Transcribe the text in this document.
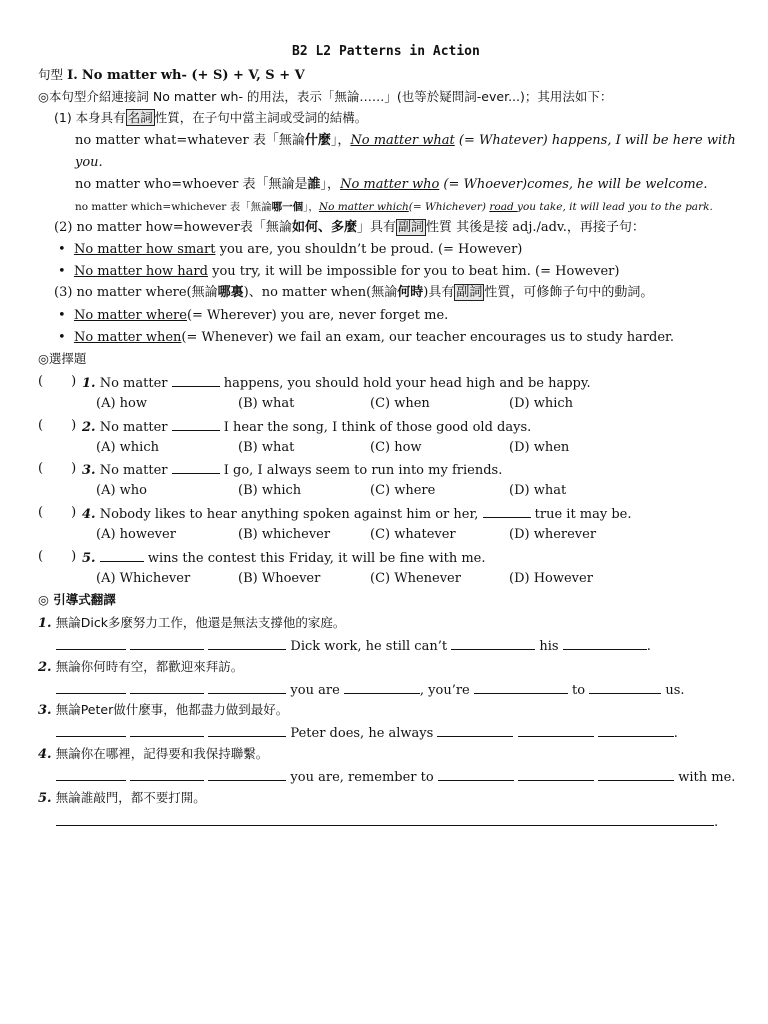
B2 L2 Patterns in Action
句型 Ⅰ. No matter wh- (+ S) + V, S + V
◎本句型介紹連接詞 No matter wh- 的用法，表示「無論……」(也等於疑問詞-ever...)；其用法如下：
(1) 本身具有 名詞 性質，在子句中當主詞或受詞的結構。
no matter what=whatever 表「無論什麼」，No matter what (= Whatever) happens, I will be here with
you.
no matter who=whoever 表「無論是誰」，No matter who (= Whoever)comes, he will be welcome.
no matter which=whichever 表「無論哪一個」，No matter which(= Whichever) road you take, it will lead you to the park.
(2) no matter how=however表「無論如何、多麼」具有 副詞 性質 其後是接 adj./adv.，再接子句：
•  No matter how smart you are, you shouldn’t be proud. (= However)
•  No matter how hard you try, it will be impossible for you to beat him. (= However)
(3) no matter where(無論哪裏)、no matter when(無論何時)具有 副詞 性質，可修飾子句中的動詞。
•  No matter where(= Wherever) you are, never forget me.
•  No matter when(= Whenever) we fail an exam, our teacher encourages us to study harder.
◎選擇題
( ) 1. No matter	happens, you should hold your head high and be happy.
(A) how	(B) what	(C) when	(D) which
( ) 2. No matter	I hear the song, I think of those good old days.
(A) which	(B) what	(C) how	(D) when
( ) 3. No matter	I go, I always seem to run into my friends.
(A) who	(B) which	(C) where	(D) what
( ) 4. Nobody likes to hear anything spoken against him or her,	true it may be.
(A) however	(B) whichever	(C) whatever	(D) wherever
( ) 5.	wins the contest this Friday, it will be fine with me.
(A) Whichever	(B) Whoever	(C) Whenever	(D) However
◎ 引導式翻譯
1. 無論Dick多麼努力工作，他還是無法支撐他的家庭。
Dick work, he still can’t	his	.
2. 無論你何時有空，都歡迎來拜訪。
you are	, you’re	to	us.
3. 無論Peter做什麼事，他都盡力做到最好。
Peter does, he always	.
4. 無論你在哪裡，記得要和我保持聯繫。
you are, remember to	with me.
5. 無論誰敲門，都不要打開。
.
